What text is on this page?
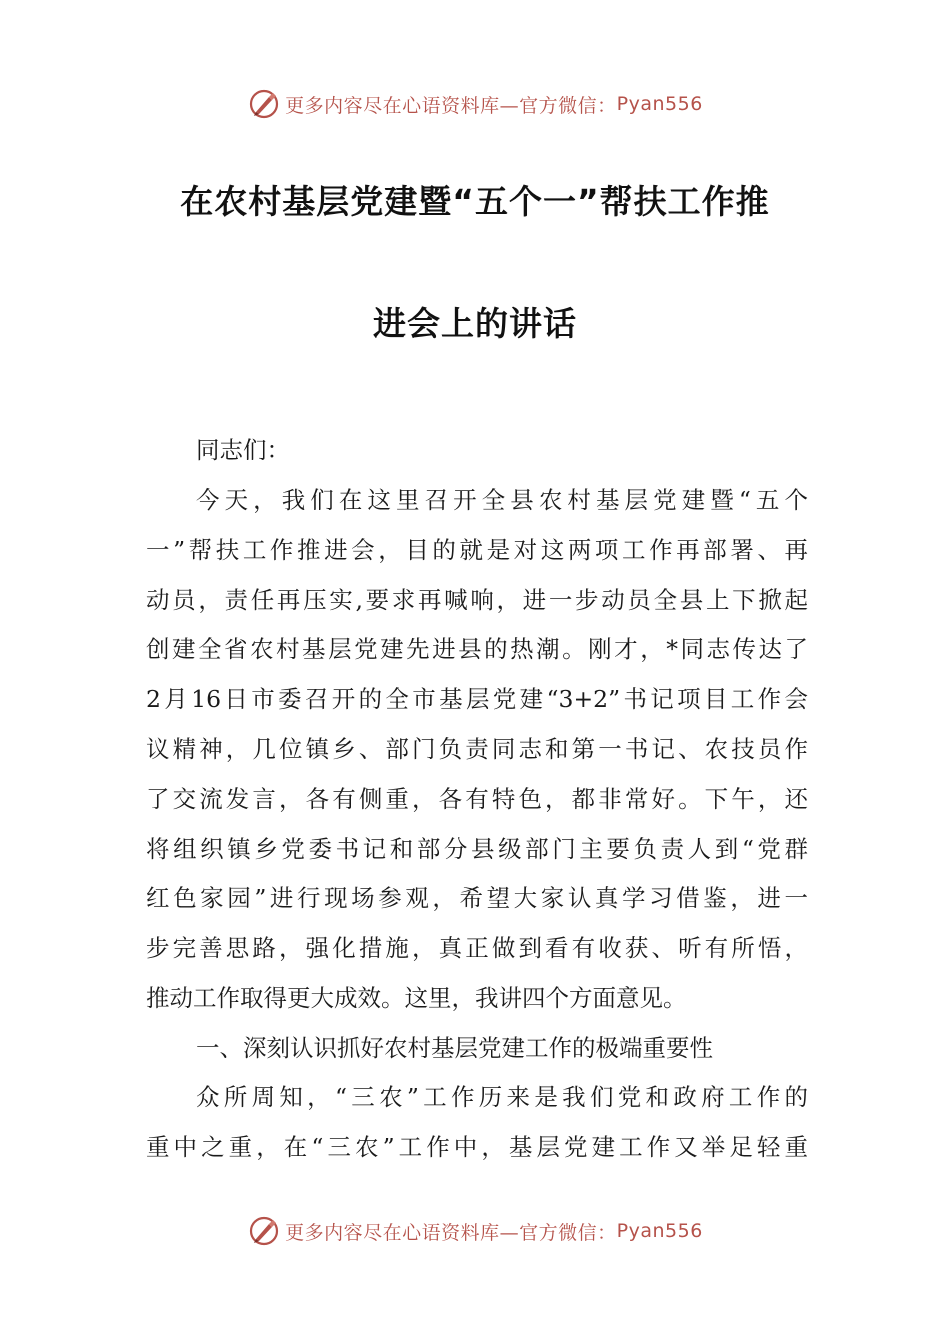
更多内容尽在心语资料库—官方微信： Pyan556
在农村基层党建暨“五个一”帮扶工作推
进会上的讲话
同志们：
今天，我们在这里召开全县农村基层党建暨“五个
一”帮扶工作推进会，目的就是对这两项工作再部署、再
动员，责任再压实,要求再喊响，进一步动员全县上下掀起
创建全省农村基层党建先进县的热潮。刚才，*同志传达了
2月16日市委召开的全市基层党建“3+2”书记项目工作会
议精神，几位镇乡、部门负责同志和第一书记、农技员作
了交流发言，各有侧重，各有特色，都非常好。下午，还
将组织镇乡党委书记和部分县级部门主要负责人到“党群
红色家园”进行现场参观，希望大家认真学习借鉴，进一
步完善思路，强化措施，真正做到看有收获、听有所悟，
推动工作取得更大成效。这里，我讲四个方面意见。
一、深刻认识抓好农村基层党建工作的极端重要性
众所周知，“三农”工作历来是我们党和政府工作的
重中之重，在“三农”工作中，基层党建工作又举足轻重
更多内容尽在心语资料库—官方微信： Pyan556
